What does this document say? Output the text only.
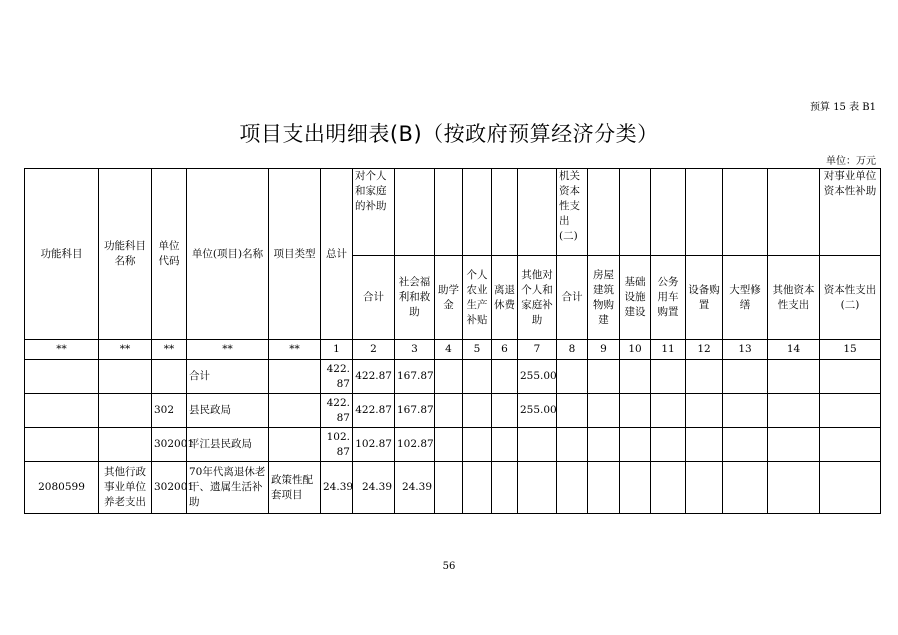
预算 15 表 B1
项目支出明细表(B)（按政府预算经济分类）
单位：万元
功能科目	功能科目名称	单位代码	单位(项目)名称	项目类型	总计	对个人和家庭的补助						机关资本性支出(二)							对事业单位资本性补助
						合计	社会福利和救助	助学金	个人农业生产补贴	离退休费	其他对个人和家庭补助	合计	房屋建筑物购建	基础设施建设	公务用车购置	设备购置	大型修缮	其他资本性支出	资本性支出(二)
**	**	**	**	**	1	2	3	4	5	6	7	8	9	10	11	12	13	14	15
			合计		422.87	422.87	167.87				255.00								
		302	县民政局		422.87	422.87	167.87				255.00								
		302001	平江县民政局		102.87	102.87	102.87												
2080599	其他行政事业单位养老支出	302001	70年代离退休老干、遗属生活补助	政策性配套项目	24.39	24.39	24.39												
56
